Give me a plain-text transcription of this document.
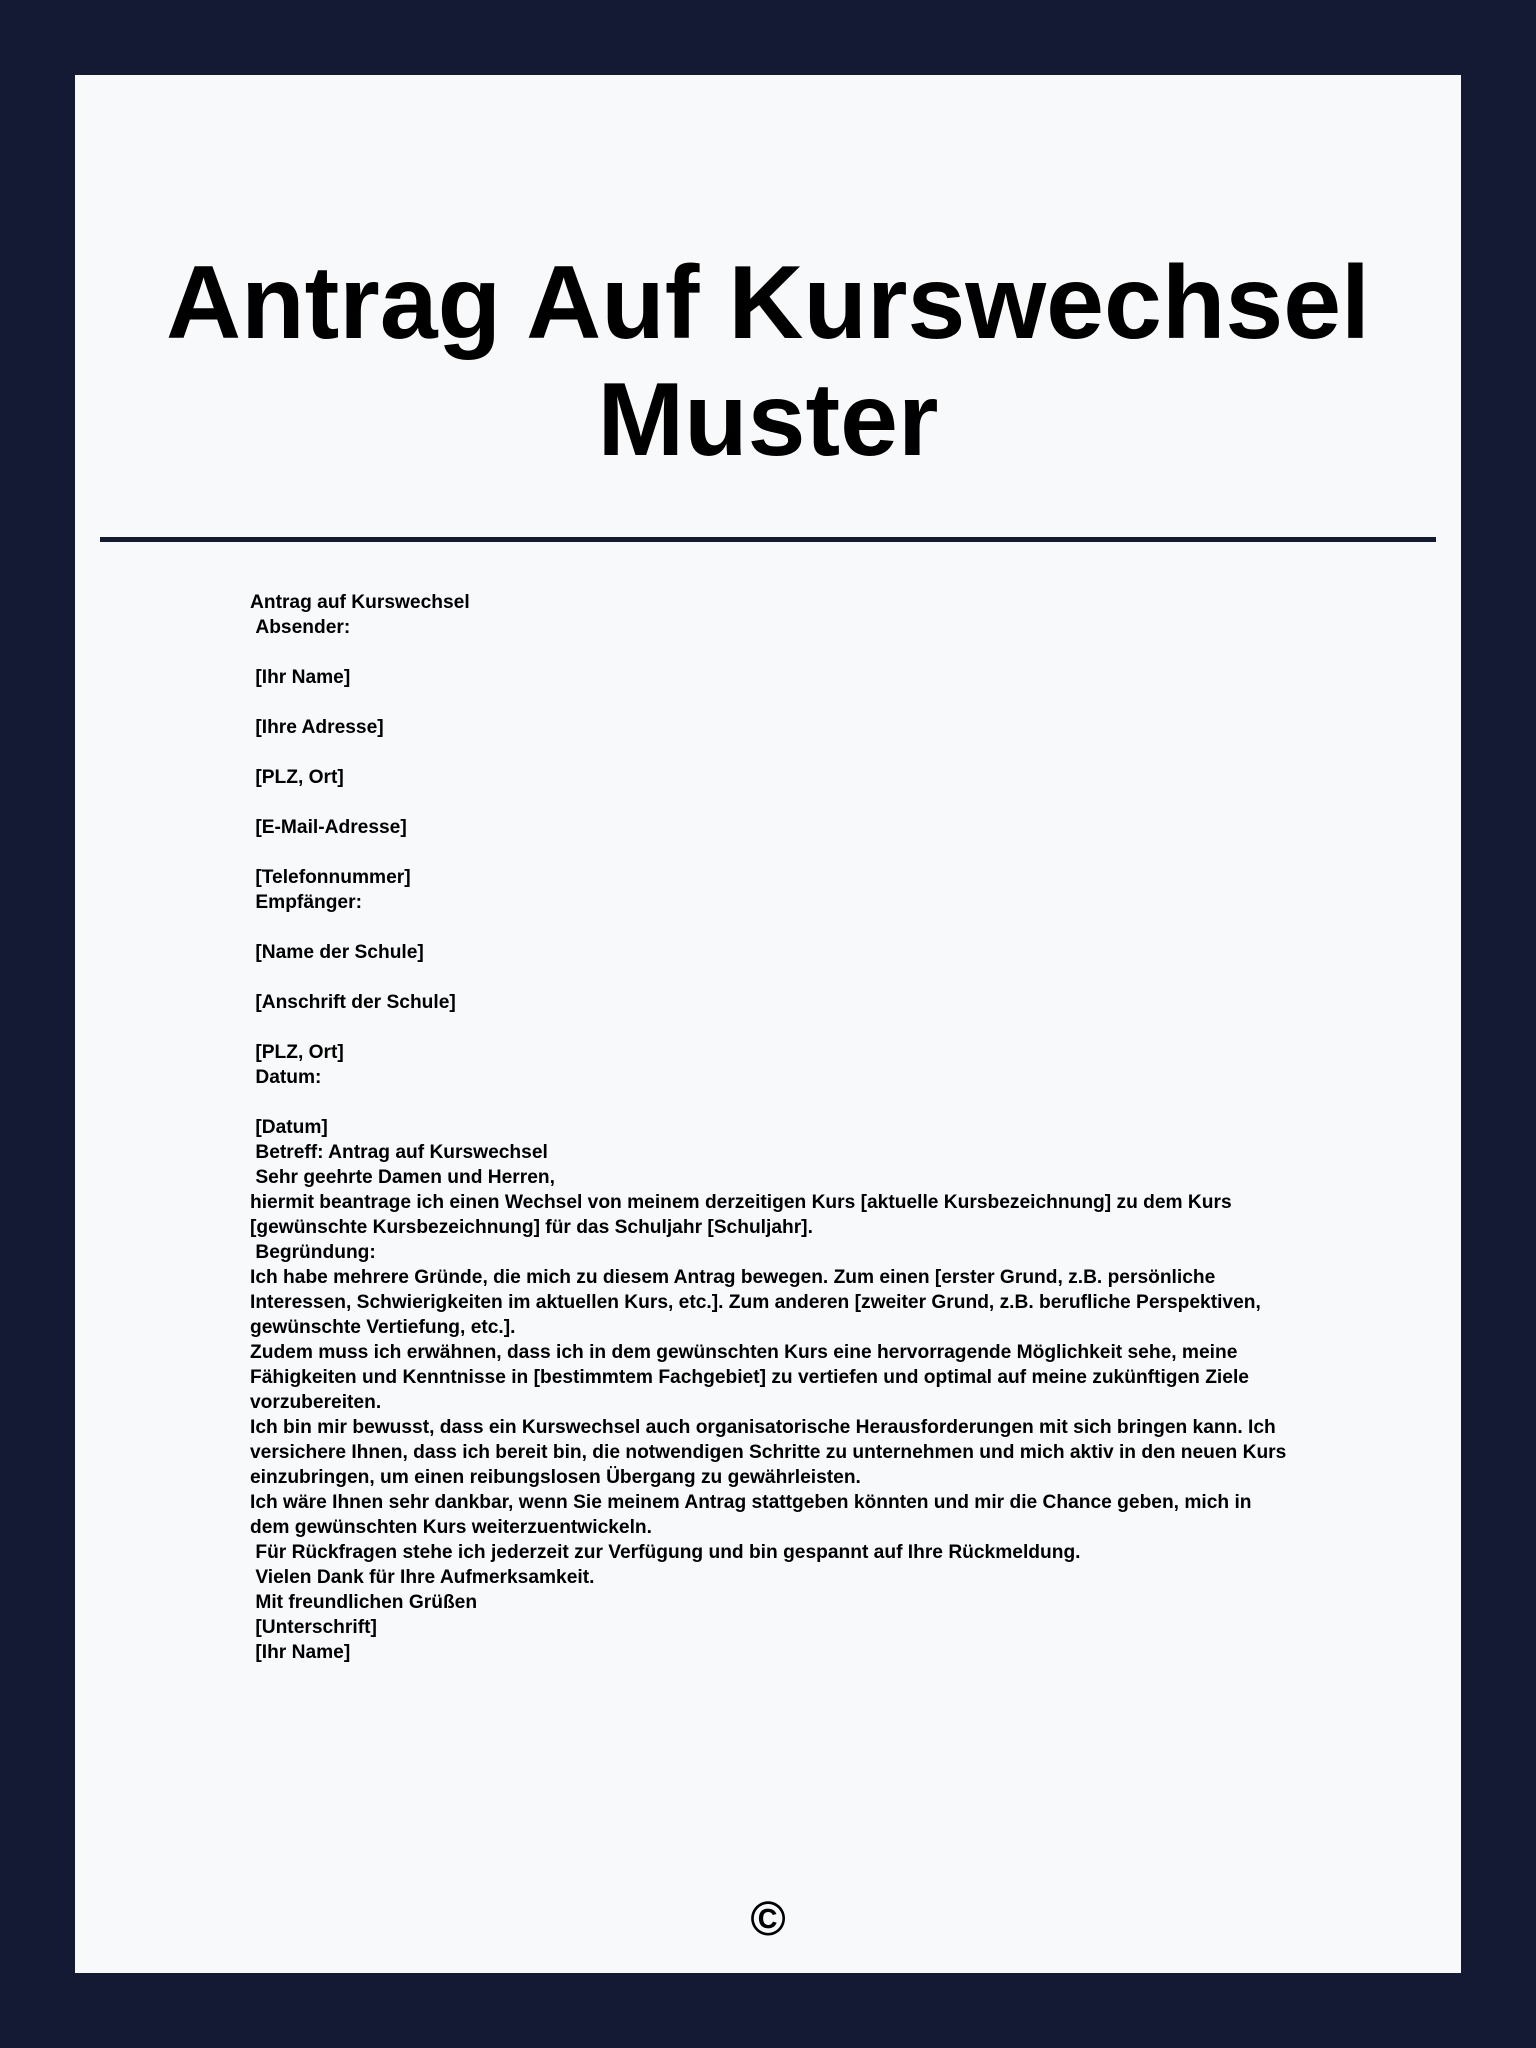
Antrag Auf Kurswechsel
Muster

Antrag auf Kurswechsel

Absender:

[Ihr Name]

[Ihre Adresse]

[PLZ, Ort]

[E-Mail-Adresse]

[Telefonnummer]

Empfänger:

[Name der Schule]

[Anschrift der Schule]

[PLZ, Ort]

Datum:

[Datum]

Betreff: Antrag auf Kurswechsel

Sehr geehrte Damen und Herren,

hiermit beantrage ich einen Wechsel von meinem derzeitigen Kurs [aktuelle Kursbezeichnung] zu dem Kurs [gewünschte Kursbezeichnung] für das Schuljahr [Schuljahr].

Begründung:

Ich habe mehrere Gründe, die mich zu diesem Antrag bewegen. Zum einen [erster Grund, z.B. persönliche Interessen, Schwierigkeiten im aktuellen Kurs, etc.]. Zum anderen [zweiter Grund, z.B. berufliche Perspektiven, gewünschte Vertiefung, etc.].

Zudem muss ich erwähnen, dass ich in dem gewünschten Kurs eine hervorragende Möglichkeit sehe, meine Fähigkeiten und Kenntnisse in [bestimmtem Fachgebiet] zu vertiefen und optimal auf meine zukünftigen Ziele vorzubereiten.

Ich bin mir bewusst, dass ein Kurswechsel auch organisatorische Herausforderungen mit sich bringen kann. Ich versichere Ihnen, dass ich bereit bin, die notwendigen Schritte zu unternehmen und mich aktiv in den neuen Kurs einzubringen, um einen reibungslosen Übergang zu gewährleisten.

Ich wäre Ihnen sehr dankbar, wenn Sie meinem Antrag stattgeben könnten und mir die Chance geben, mich in dem gewünschten Kurs weiterzuentwickeln.

Für Rückfragen stehe ich jederzeit zur Verfügung und bin gespannt auf Ihre Rückmeldung.

Vielen Dank für Ihre Aufmerksamkeit.

Mit freundlichen Grüßen

[Unterschrift]

[Ihr Name]

©
